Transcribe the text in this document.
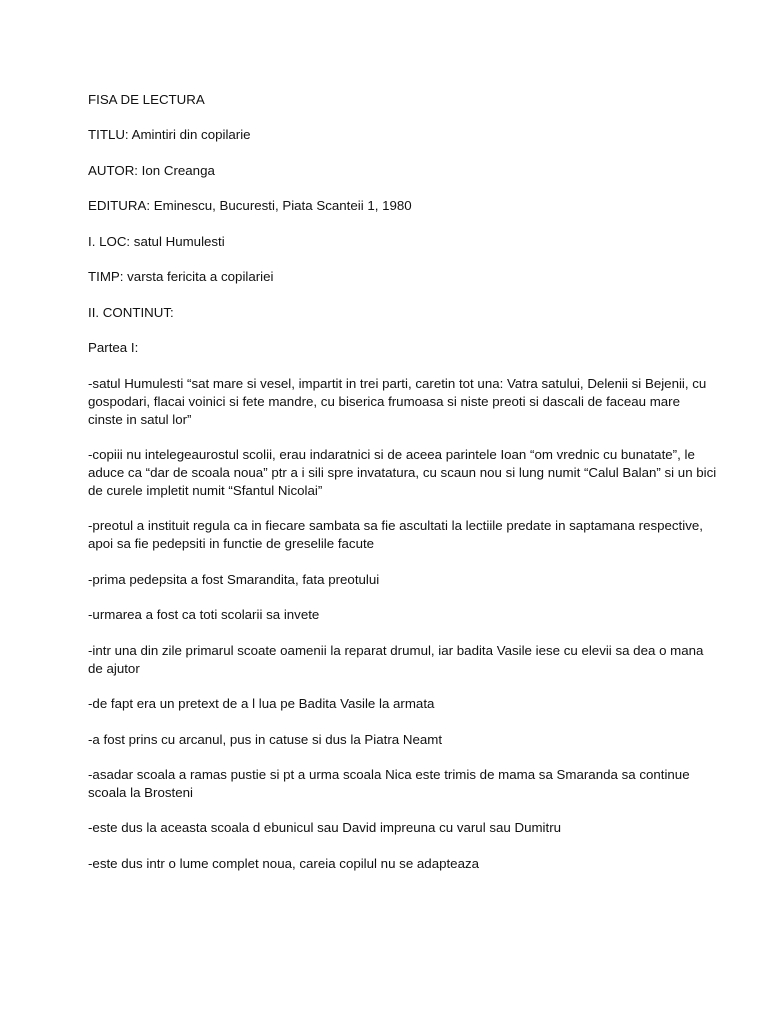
FISA DE LECTURA

TITLU: Amintiri din copilarie

AUTOR: Ion Creanga

EDITURA: Eminescu, Bucuresti, Piata Scanteii 1, 1980

I. LOC: satul Humulesti

TIMP: varsta fericita a copilariei

II. CONTINUT:

Partea I:

-satul Humulesti “sat mare si vesel, impartit in trei parti, caretin tot una: Vatra satului, Delenii si Bejenii, cu gospodari, flacai voinici si fete mandre, cu biserica frumoasa si niste preoti si dascali de faceau mare cinste in satul lor”

-copiii nu intelegeaurostul scolii, erau indaratnici si de aceea parintele Ioan “om vrednic cu bunatate”, le aduce ca “dar de scoala noua” ptr a i sili spre invatatura, cu scaun nou si lung numit “Calul Balan” si un bici de curele impletit numit “Sfantul Nicolai”

-preotul a instituit regula ca in fiecare sambata sa fie ascultati la lectiile predate in saptamana respective, apoi sa fie pedepsiti in functie de greselile facute

-prima pedepsita a fost Smarandita, fata preotului

-urmarea a fost ca toti scolarii sa invete

-intr una din zile primarul scoate oamenii la reparat drumul, iar badita Vasile iese cu elevii sa dea o mana de ajutor

-de fapt era un pretext de a l lua pe Badita Vasile la armata

-a fost prins cu arcanul, pus in catuse si dus la Piatra Neamt

-asadar scoala a ramas pustie si pt a urma scoala Nica este trimis de mama sa Smaranda sa continue scoala la Brosteni

-este dus la aceasta scoala d ebunicul sau David impreuna cu varul sau Dumitru

-este dus intr o lume complet noua, careia copilul nu se adapteaza
